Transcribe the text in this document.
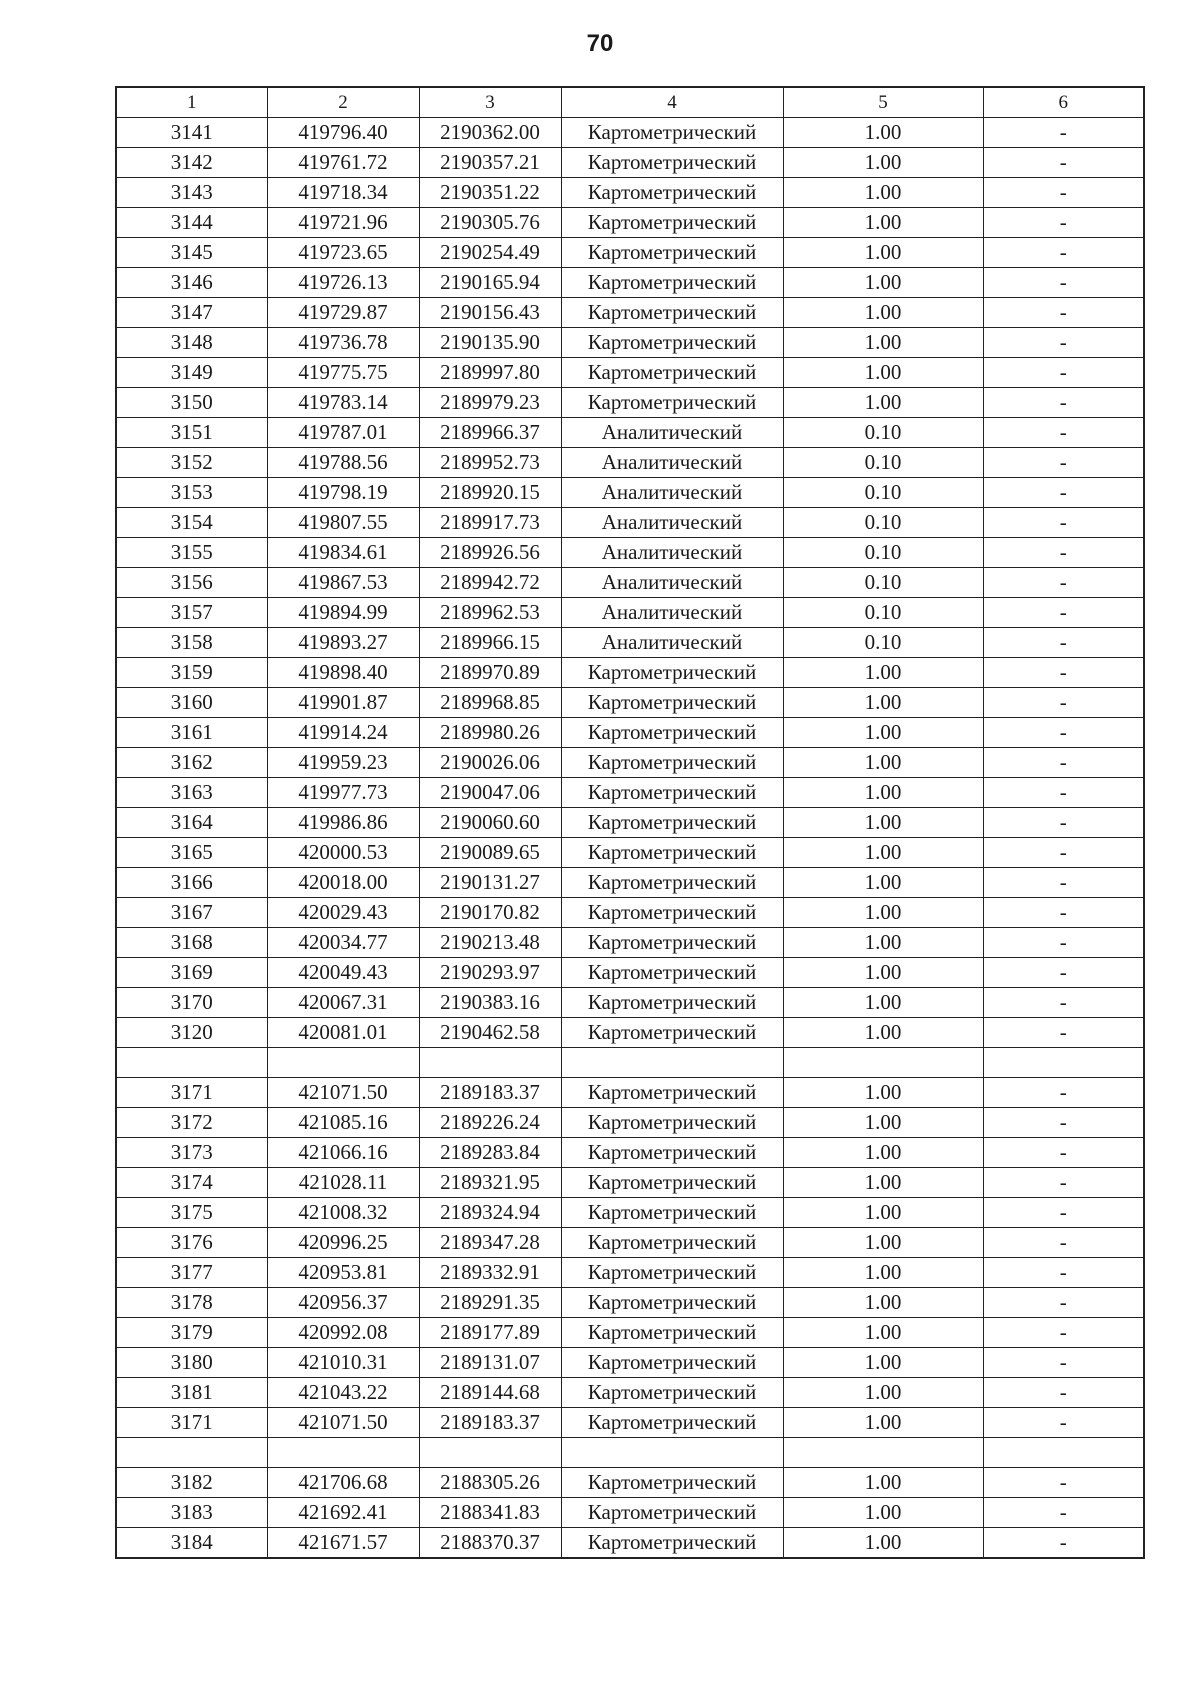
70
1	2	3	4	5	6
3141	419796.40	2190362.00	Картометрический	1.00	-
3142	419761.72	2190357.21	Картометрический	1.00	-
3143	419718.34	2190351.22	Картометрический	1.00	-
3144	419721.96	2190305.76	Картометрический	1.00	-
3145	419723.65	2190254.49	Картометрический	1.00	-
3146	419726.13	2190165.94	Картометрический	1.00	-
3147	419729.87	2190156.43	Картометрический	1.00	-
3148	419736.78	2190135.90	Картометрический	1.00	-
3149	419775.75	2189997.80	Картометрический	1.00	-
3150	419783.14	2189979.23	Картометрический	1.00	-
3151	419787.01	2189966.37	Аналитический	0.10	-
3152	419788.56	2189952.73	Аналитический	0.10	-
3153	419798.19	2189920.15	Аналитический	0.10	-
3154	419807.55	2189917.73	Аналитический	0.10	-
3155	419834.61	2189926.56	Аналитический	0.10	-
3156	419867.53	2189942.72	Аналитический	0.10	-
3157	419894.99	2189962.53	Аналитический	0.10	-
3158	419893.27	2189966.15	Аналитический	0.10	-
3159	419898.40	2189970.89	Картометрический	1.00	-
3160	419901.87	2189968.85	Картометрический	1.00	-
3161	419914.24	2189980.26	Картометрический	1.00	-
3162	419959.23	2190026.06	Картометрический	1.00	-
3163	419977.73	2190047.06	Картометрический	1.00	-
3164	419986.86	2190060.60	Картометрический	1.00	-
3165	420000.53	2190089.65	Картометрический	1.00	-
3166	420018.00	2190131.27	Картометрический	1.00	-
3167	420029.43	2190170.82	Картометрический	1.00	-
3168	420034.77	2190213.48	Картометрический	1.00	-
3169	420049.43	2190293.97	Картометрический	1.00	-
3170	420067.31	2190383.16	Картометрический	1.00	-
3120	420081.01	2190462.58	Картометрический	1.00	-

3171	421071.50	2189183.37	Картометрический	1.00	-
3172	421085.16	2189226.24	Картометрический	1.00	-
3173	421066.16	2189283.84	Картометрический	1.00	-
3174	421028.11	2189321.95	Картометрический	1.00	-
3175	421008.32	2189324.94	Картометрический	1.00	-
3176	420996.25	2189347.28	Картометрический	1.00	-
3177	420953.81	2189332.91	Картометрический	1.00	-
3178	420956.37	2189291.35	Картометрический	1.00	-
3179	420992.08	2189177.89	Картометрический	1.00	-
3180	421010.31	2189131.07	Картометрический	1.00	-
3181	421043.22	2189144.68	Картометрический	1.00	-
3171	421071.50	2189183.37	Картометрический	1.00	-

3182	421706.68	2188305.26	Картометрический	1.00	-
3183	421692.41	2188341.83	Картометрический	1.00	-
3184	421671.57	2188370.37	Картометрический	1.00	-
